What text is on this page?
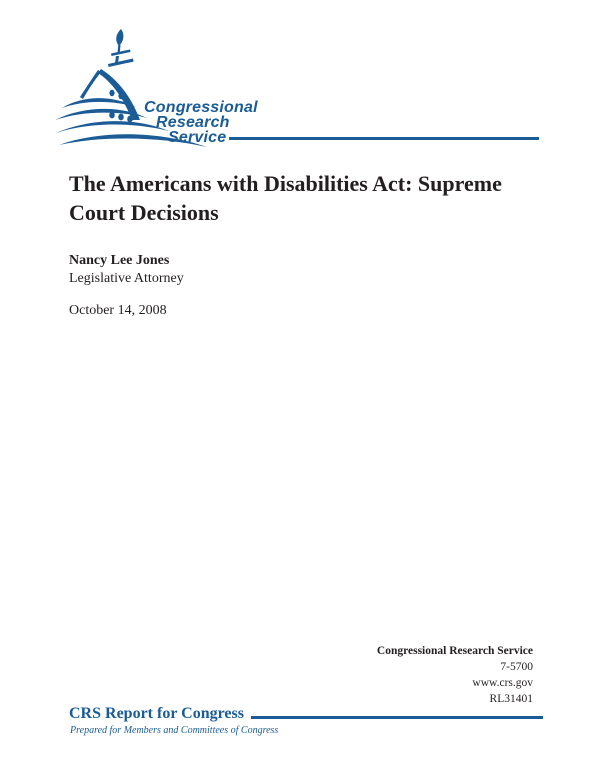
Congressional
Research
Service
The Americans with Disabilities Act: Supreme
Court Decisions
Nancy Lee Jones
Legislative Attorney
October 14, 2008
Congressional Research Service
7-5700
www.crs.gov
RL31401
CRS Report for Congress
Prepared for Members and Committees of Congress
